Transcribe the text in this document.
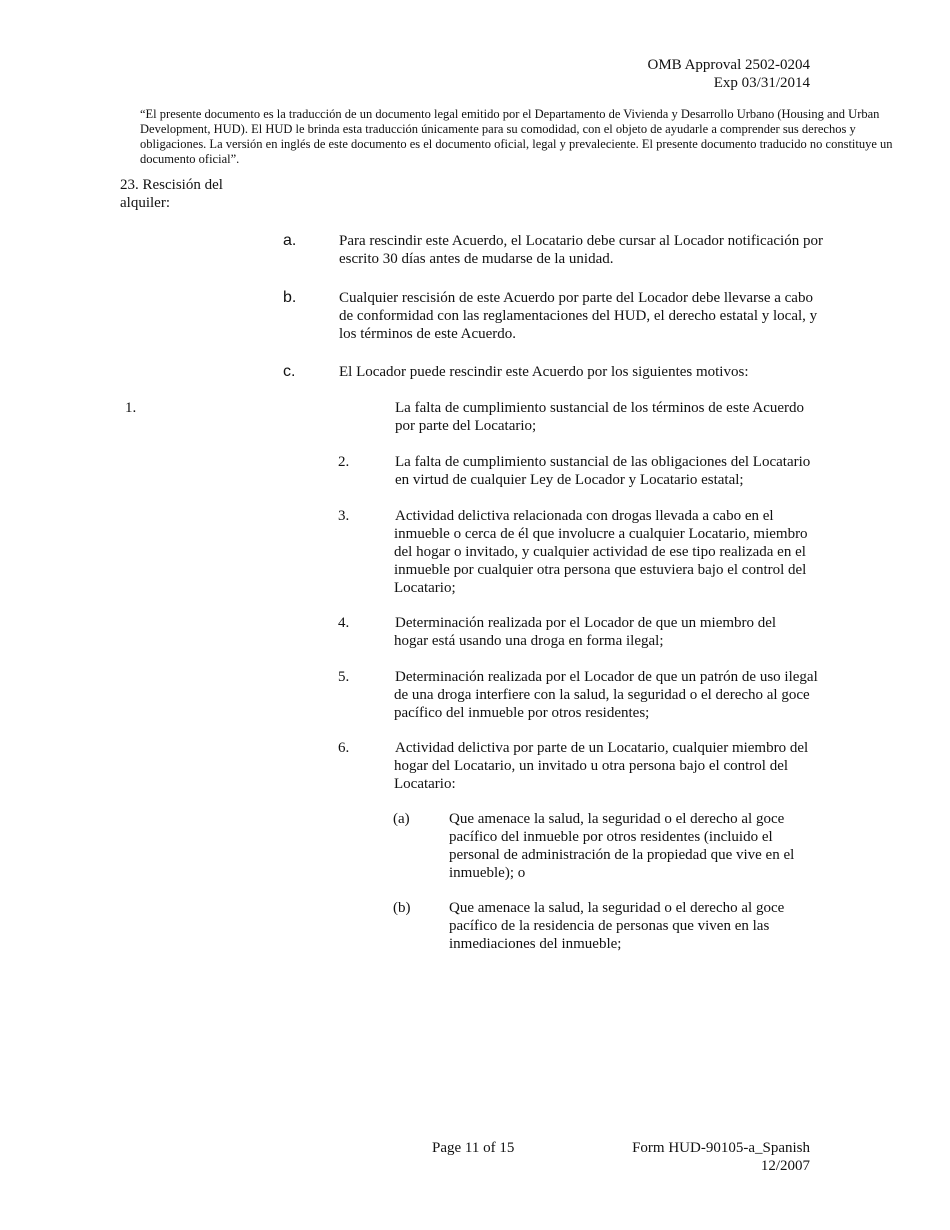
OMB Approval 2502-0204
Exp 03/31/2014
“El presente documento es la traducción de un documento legal emitido por el Departamento de Vivienda y Desarrollo Urbano (Housing and Urban Development, HUD). El HUD le brinda esta traducción únicamente para su comodidad, con el objeto de ayudarle a comprender sus derechos y obligaciones. La versión en inglés de este documento es el documento oficial, legal y prevaleciente. El presente documento traducido no constituye un documento oficial”.
23. Rescisión del
alquiler:
a.	Para rescindir este Acuerdo, el Locatario debe cursar al Locador notificación por escrito 30 días antes de mudarse de la unidad.
b.	Cualquier rescisión de este Acuerdo por parte del Locador debe llevarse a cabo de conformidad con las reglamentaciones del HUD, el derecho estatal y local, y los términos de este Acuerdo.
c.	El Locador puede rescindir este Acuerdo por los siguientes motivos:
1.	La falta de cumplimiento sustancial de los términos de este Acuerdo por parte del Locatario;
2.	La falta de cumplimiento sustancial de las obligaciones del Locatario en virtud de cualquier Ley de Locador y Locatario estatal;
3.	Actividad delictiva relacionada con drogas llevada a cabo en el inmueble o cerca de él que involucre a cualquier Locatario, miembro del hogar o invitado, y cualquier actividad de ese tipo realizada en el inmueble por cualquier otra persona que estuviera bajo el control del Locatario;
4.	Determinación realizada por el Locador de que un miembro del hogar está usando una droga en forma ilegal;
5.	Determinación realizada por el Locador de que un patrón de uso ilegal de una droga interfiere con la salud, la seguridad o el derecho al goce pacífico del inmueble por otros residentes;
6.	Actividad delictiva por parte de un Locatario, cualquier miembro del hogar del Locatario, un invitado u otra persona bajo el control del Locatario:
(a)	Que amenace la salud, la seguridad o el derecho al goce pacífico del inmueble por otros residentes (incluido el personal de administración de la propiedad que vive en el inmueble); o
(b)	Que amenace la salud, la seguridad o el derecho al goce pacífico de la residencia de personas que viven en las inmediaciones del inmueble;
Page 11 of 15	Form HUD-90105-a_Spanish
12/2007
